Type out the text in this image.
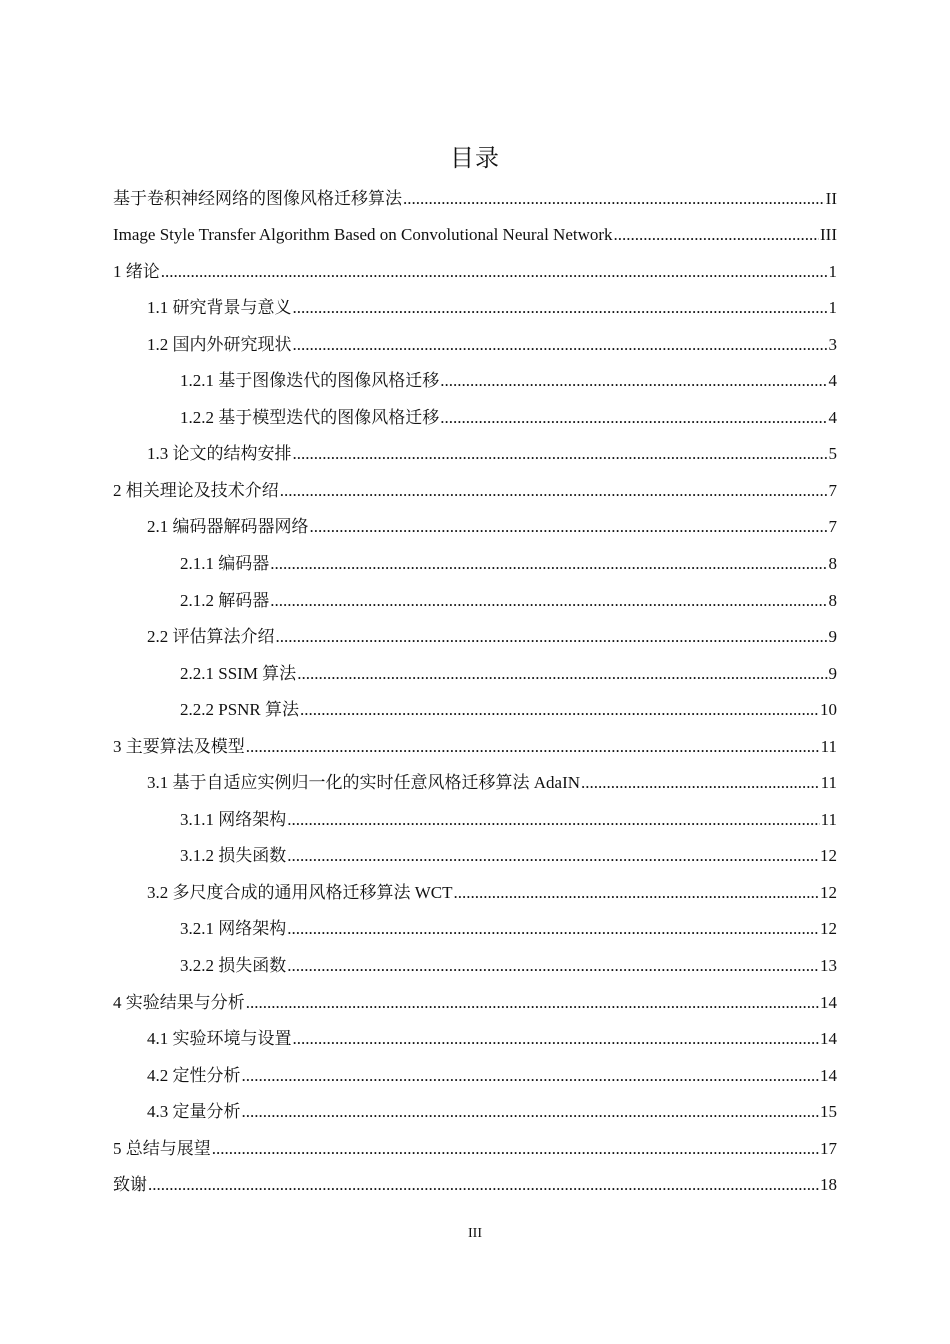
目录
基于卷积神经网络的图像风格迁移算法 .....	II
Image Style Transfer Algorithm Based on Convolutional Neural Network .....	III
1 绪论 .....	1
1.1 研究背景与意义 .....	1
1.2 国内外研究现状 .....	3
1.2.1 基于图像迭代的图像风格迁移 .....	4
1.2.2 基于模型迭代的图像风格迁移 .....	4
1.3 论文的结构安排 .....	5
2 相关理论及技术介绍 .....	7
2.1 编码器解码器网络 .....	7
2.1.1 编码器 .....	8
2.1.2 解码器 .....	8
2.2 评估算法介绍 .....	9
2.2.1 SSIM 算法 .....	9
2.2.2 PSNR 算法 .....	10
3 主要算法及模型 .....	11
3.1 基于自适应实例归一化的实时任意风格迁移算法 AdaIN .....	11
3.1.1 网络架构 .....	11
3.1.2 损失函数 .....	12
3.2 多尺度合成的通用风格迁移算法 WCT .....	12
3.2.1 网络架构 .....	12
3.2.2 损失函数 .....	13
4 实验结果与分析 .....	14
4.1 实验环境与设置 .....	14
4.2 定性分析 .....	14
4.3 定量分析 .....	15
5 总结与展望 .....	17
致谢 .....	18
III
